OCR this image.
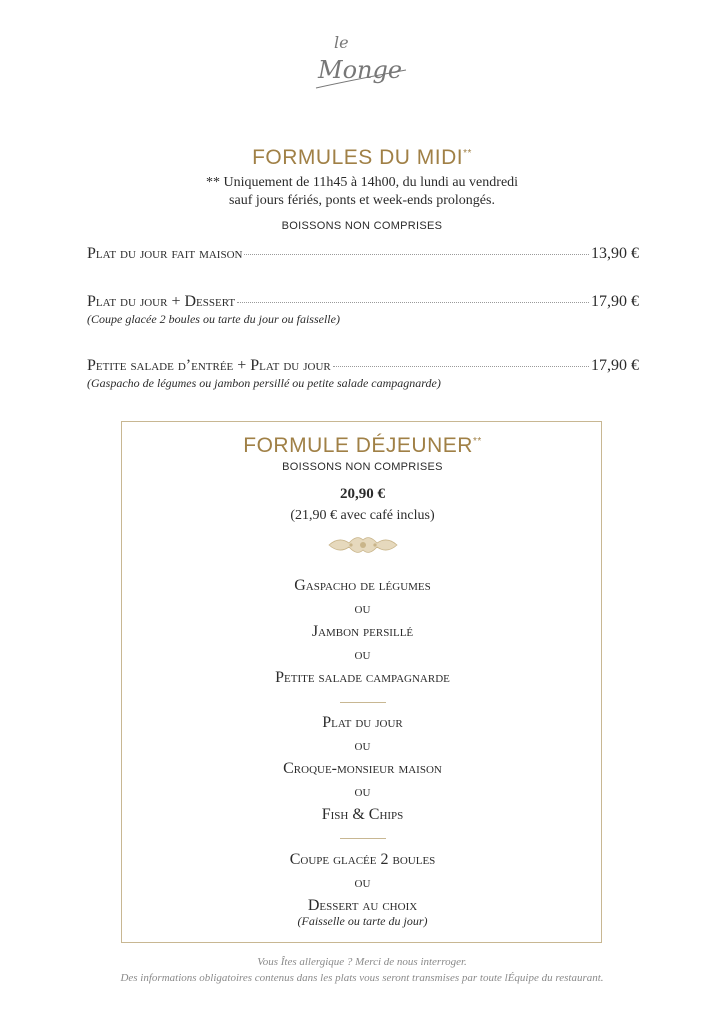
le
Monge
FORMULES DU MIDI**
** Uniquement de 11h45 à 14h00, du lundi au vendredi
sauf jours fériés, ponts et week-ends prolongés.
BOISSONS NON COMPRISES
Plat du jour fait maison	13,90 €
Plat du jour + Dessert	17,90 €
(Coupe glacée 2 boules ou tarte du jour ou faisselle)
Petite salade d’entrée + Plat du jour	17,90 €
(Gaspacho de légumes ou jambon persillé ou petite salade campagnarde)
FORMULE DÉJEUNER**
BOISSONS NON COMPRISES
20,90 €
(21,90 € avec café inclus)
Gaspacho de légumes
ou
Jambon persillé
ou
Petite salade campagnarde
Plat du jour
ou
Croque-monsieur maison
ou
Fish & Chips
Coupe glacée 2 boules
ou
Dessert au choix
(Faisselle ou tarte du jour)
Vous Îtes allergique ? Merci de nous interroger.
Des informations obligatoires contenus dans les plats vous seront transmises par toute lÉquipe du restaurant.
